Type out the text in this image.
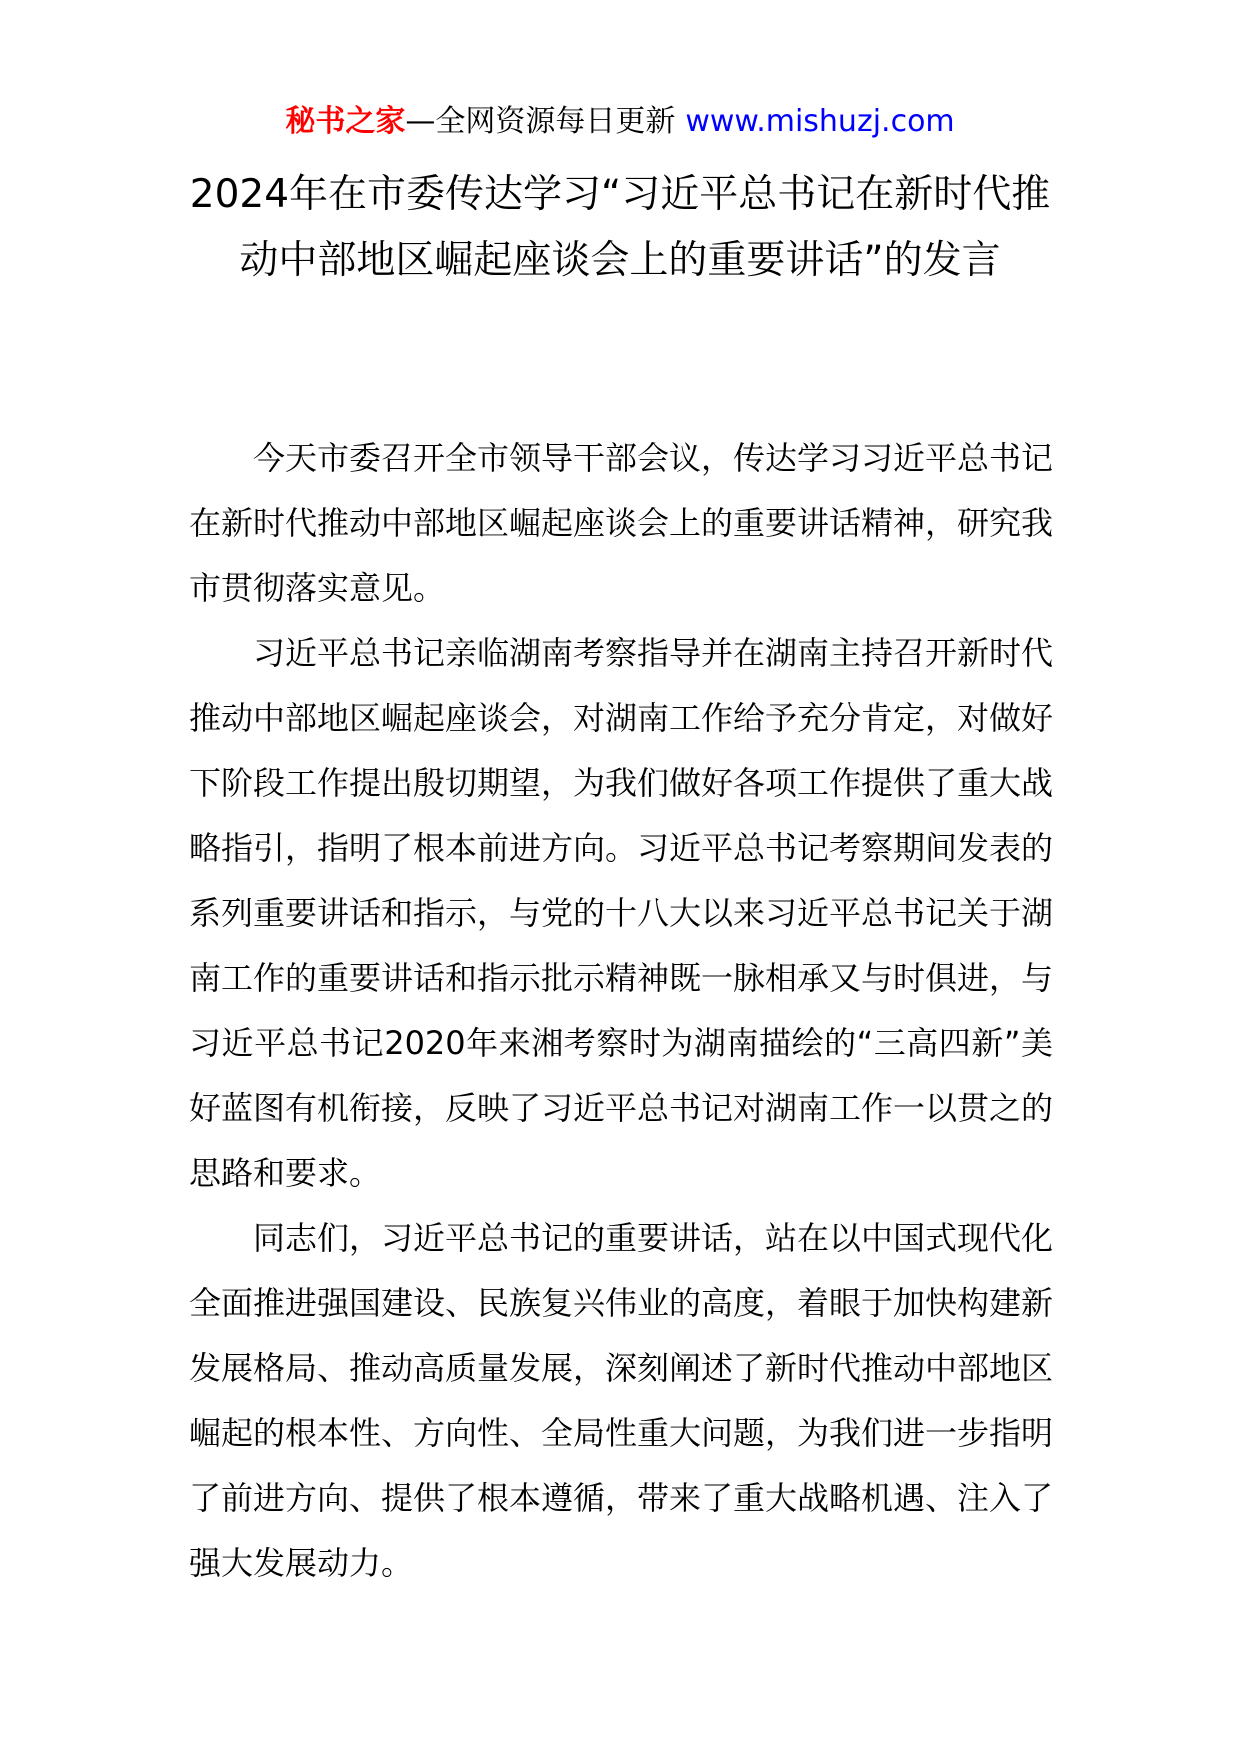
秘书之家—全网资源每日更新 www.mishuzj.com
2024年在市委传达学习“习近平总书记在新时代推动中部地区崛起座谈会上的重要讲话”的发言

今天市委召开全市领导干部会议，传达学习习近平总书记在新时代推动中部地区崛起座谈会上的重要讲话精神，研究我市贯彻落实意见。

习近平总书记亲临湖南考察指导并在湖南主持召开新时代推动中部地区崛起座谈会，对湖南工作给予充分肯定，对做好下阶段工作提出殷切期望，为我们做好各项工作提供了重大战略指引，指明了根本前进方向。习近平总书记考察期间发表的系列重要讲话和指示，与党的十八大以来习近平总书记关于湖南工作的重要讲话和指示批示精神既一脉相承又与时俱进，与习近平总书记2020年来湘考察时为湖南描绘的“三高四新”美好蓝图有机衔接，反映了习近平总书记对湖南工作一以贯之的思路和要求。

同志们，习近平总书记的重要讲话，站在以中国式现代化全面推进强国建设、民族复兴伟业的高度，着眼于加快构建新发展格局、推动高质量发展，深刻阐述了新时代推动中部地区崛起的根本性、方向性、全局性重大问题，为我们进一步指明了前进方向、提供了根本遵循，带来了重大战略机遇、注入了强大发展动力。
